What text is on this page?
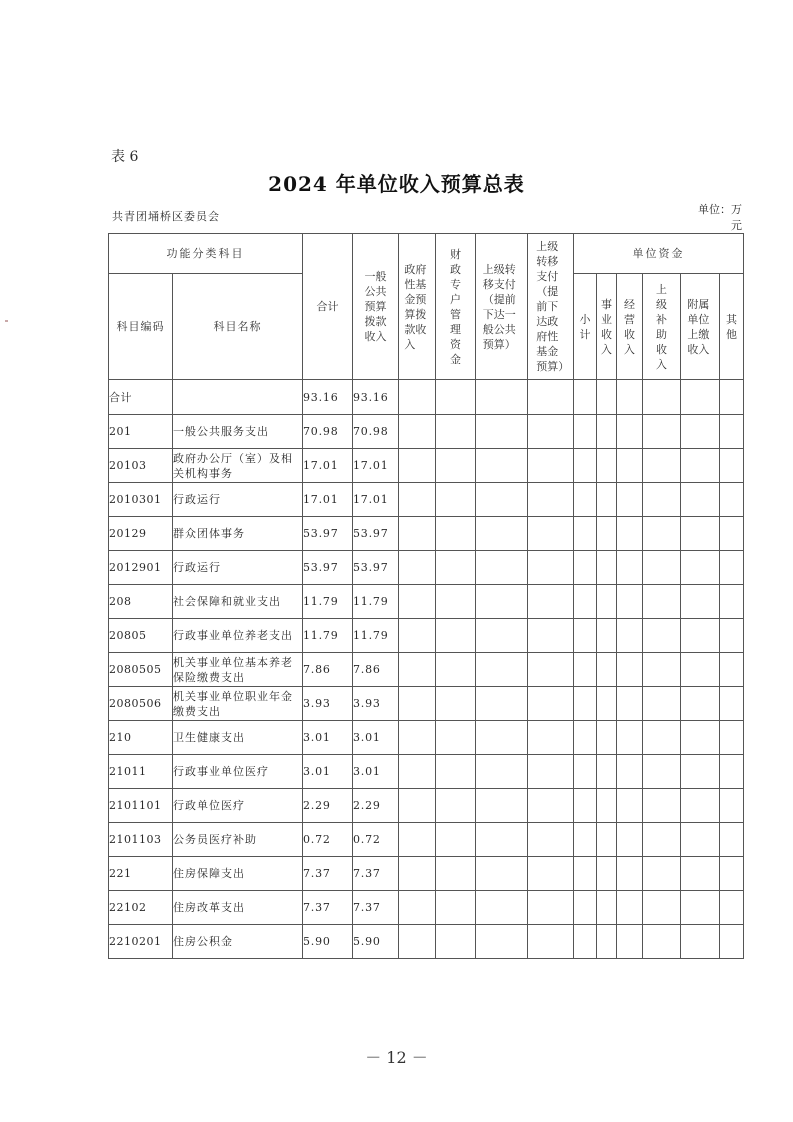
表 6
2024 年单位收入预算总表
共青团埇桥区委员会
单位：万元
功能分类科目		合计	一般公共预算拨款收入	政府性基金预算拨款收入	财政专户管理资金	上级转移支付（提前下达一般公共预算）	上级转移支付（提前下达政府性基金预算）	单位资金					
科目编码	科目名称							小计	事业收入	经营收入	上级补助收入	附属单位上缴收入	其他
合计		93.16	93.16										
201	一般公共服务支出	70.98	70.98										
20103	政府办公厅（室）及相关机构事务	17.01	17.01										
2010301	行政运行	17.01	17.01										
20129	群众团体事务	53.97	53.97										
2012901	行政运行	53.97	53.97										
208	社会保障和就业支出	11.79	11.79										
20805	行政事业单位养老支出	11.79	11.79										
2080505	机关事业单位基本养老保险缴费支出	7.86	7.86										
2080506	机关事业单位职业年金缴费支出	3.93	3.93										
210	卫生健康支出	3.01	3.01										
21011	行政事业单位医疗	3.01	3.01										
2101101	行政单位医疗	2.29	2.29										
2101103	公务员医疗补助	0.72	0.72										
221	住房保障支出	7.37	7.37										
22102	住房改革支出	7.37	7.37										
2210201	住房公积金	5.90	5.90										
－ 12 －
